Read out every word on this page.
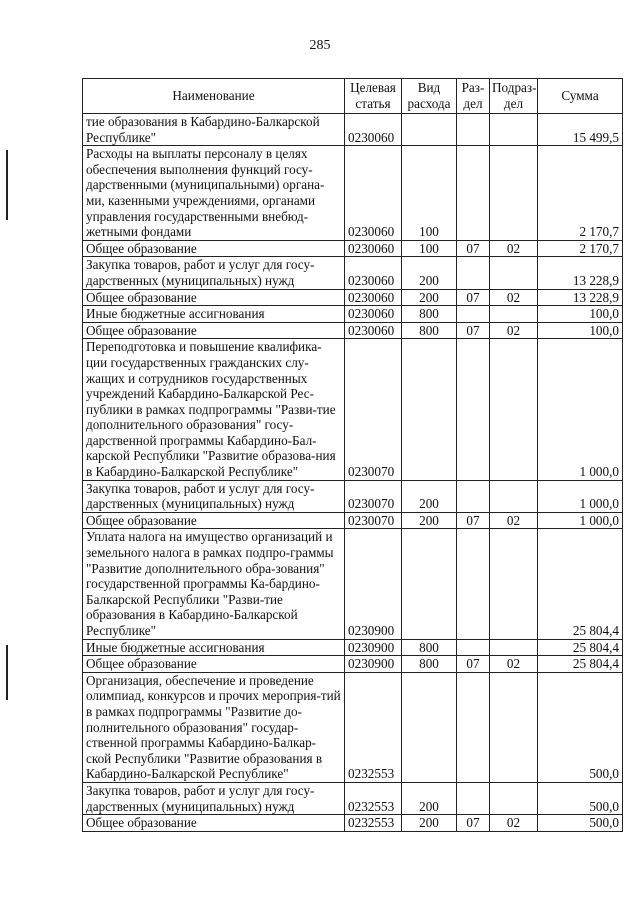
285
Наименование	Целевая статья	Вид расхода	Раз-дел	Подраз-дел	Сумма
тие образования в Кабардино-Балкарской Республике"	0230060				15 499,5
Расходы на выплаты персоналу в целях обеспечения выполнения функций госу-дарственными (муниципальными) органа-ми, казенными учреждениями, органами управления государственными внебюд-жетными фондами	0230060	100			2 170,7
Общее образование	0230060	100	07	02	2 170,7
Закупка товаров, работ и услуг для госу-дарственных (муниципальных) нужд	0230060	200			13 228,9
Общее образование	0230060	200	07	02	13 228,9
Иные бюджетные ассигнования	0230060	800			100,0
Общее образование	0230060	800	07	02	100,0
Переподготовка и повышение квалифика-ции государственных гражданских слу-жащих и сотрудников государственных учреждений Кабардино-Балкарской Рес-публики в рамках подпрограммы "Разви-тие дополнительного образования" госу-дарственной программы Кабардино-Бал-карской Республики "Развитие образова-ния в Кабардино-Балкарской Республике"	0230070				1 000,0
Закупка товаров, работ и услуг для госу-дарственных (муниципальных) нужд	0230070	200			1 000,0
Общее образование	0230070	200	07	02	1 000,0
Уплата налога на имущество организаций и земельного налога в рамках подпро-граммы "Развитие дополнительного обра-зования" государственной программы Ка-бардино-Балкарской Республики "Разви-тие образования в Кабардино-Балкарской Республике"	0230900				25 804,4
Иные бюджетные ассигнования	0230900	800			25 804,4
Общее образование	0230900	800	07	02	25 804,4
Организация, обеспечение и проведение олимпиад, конкурсов и прочих мероприя-тий в рамках подпрограммы "Развитие до-полнительного образования" государ-ственной программы Кабардино-Балкар-ской Республики "Развитие образования в Кабардино-Балкарской Республике"	0232553				500,0
Закупка товаров, работ и услуг для госу-дарственных (муниципальных) нужд	0232553	200			500,0
Общее образование	0232553	200	07	02	500,0
